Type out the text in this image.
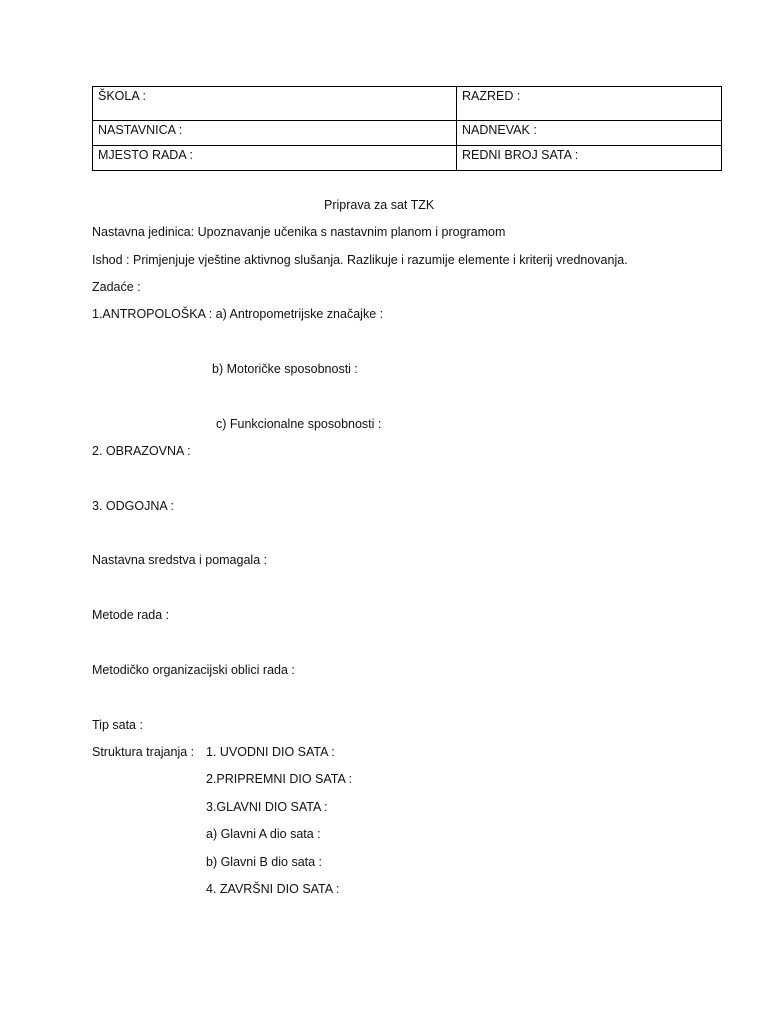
ŠKOLA :	RAZRED :
NASTAVNICA :	NADNEVAK :
MJESTO RADA :	REDNI BROJ SATA :
Priprava za sat TZK
Nastavna jedinica: Upoznavanje učenika s nastavnim planom i programom
Ishod : Primjenjuje vještine aktivnog slušanja. Razlikuje i razumije elemente i kriterij vrednovanja.
Zadaće :
1.ANTROPOLOŠKA : a) Antropometrijske značajke :
b) Motoričke sposobnosti :
c) Funkcionalne sposobnosti :
2. OBRAZOVNA :
3. ODGOJNA :
Nastavna sredstva i pomagala :
Metode rada :
Metodičko organizacijski oblici rada :
Tip sata :
Struktura trajanja : 1. UVODNI DIO SATA :
2.PRIPREMNI DIO SATA :
3.GLAVNI DIO SATA :
a) Glavni A dio sata :
b) Glavni B dio sata :
4. ZAVRŠNI DIO SATA :
